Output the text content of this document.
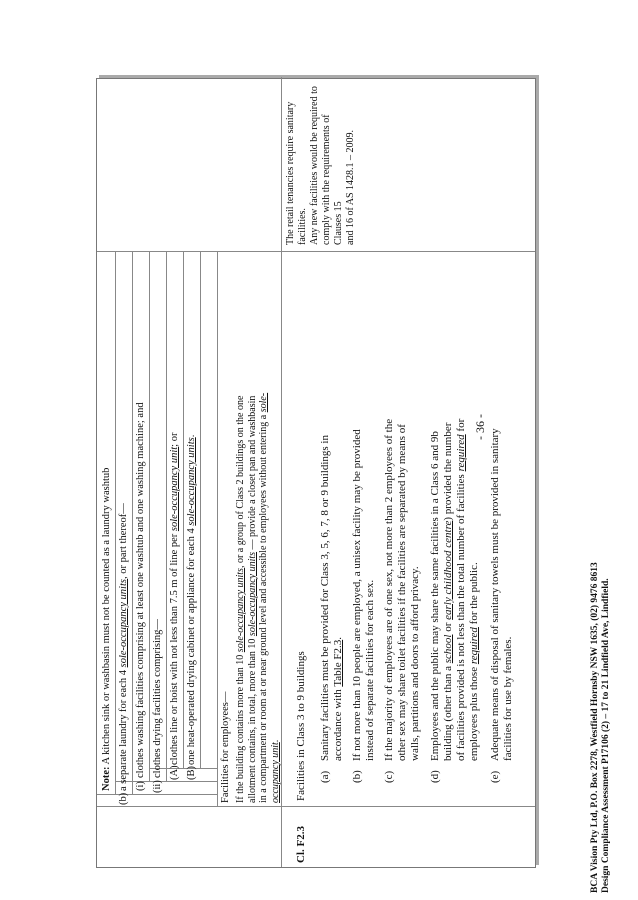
- 36 -
Note: A kitchen sink or washbasin must not be counted as a laundry washtub
(b)
a separate laundry for each 4 sole-occupancy units, or part thereof—
(i)
clothes washing facilities comprising at least one washtub and one washing machine; and
(ii)
clothes drying facilities comprising— (A)
clothes line or hoist with not less than 7.5 m of line per sole-occupancy unit; or
(B)
one heat-operated drying cabinet or appliance for each 4 sole-occupancy units.
Facilities for employees— If the building contains more than 10 sole-occupancy units, or a group of Class 2 buildings on the one
allotment contains, in total, more than 10 sole-occupancy units — provide a closet pan and washbasin in a compartment or room at or near ground level and accessible to employees without entering a sole-
occupancy unit.
Cl. F2.3
Facilities in Class 3 to 9 buildings (a)
Sanitary facilities must be provided for Class 3, 5, 6, 7, 8 or 9 buildings in accordance with Table F2.3.
(b)
If not more than 10 people are employed, a unisex facility may be provided instead of separate facilities for each sex.
(c)
If the majority of employees are of one sex, not more than 2 employees of the other sex may share toilet facilities if the facilities are separated by means of walls, partitions and doors to afford privacy.
(d)
Employees and the public may share the same facilities in a Class 6 and 9b building (other than a school or early childhood centre) provided the number of facilities provided is not less than the total number of facilities required for
employees plus those required for the public.
(e)
Adequate means of disposal of sanitary towels must be provided in sanitary facilities for use by females.
The retail tenancies require sanitary facilities. Any new facilities would be required to comply with the requirements of Clauses 15 and 16 of AS 1428.1 – 2009.
BCA Vision Pty Ltd, P.O. Box 2278, Westfield Hornsby NSW 1635, (02) 9476 8613 Design Compliance Assessment P17106 (2) – 17 to 21 Lindfield Ave, Lindfield.
